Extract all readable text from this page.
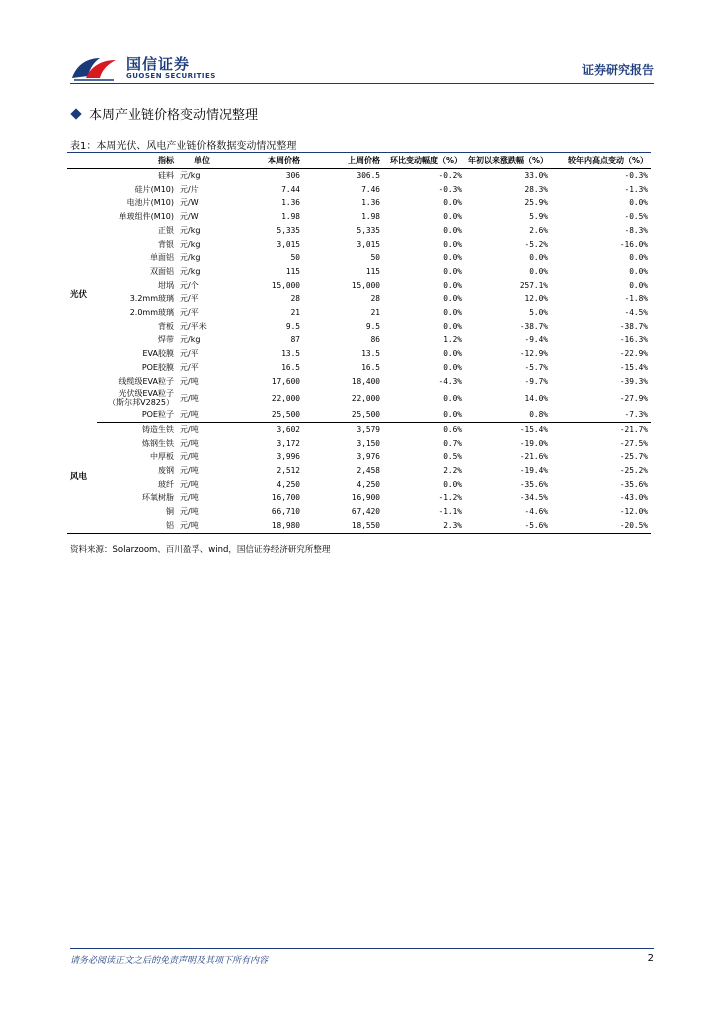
国信证券
GUOSEN SECURITIES	证券研究报告
本周产业链价格变动情况整理
表1：本周光伏、风电产业链价格数据变动情况整理
	指标	单位	本周价格	上周价格	环比变动幅度（%）	年初以来涨跌幅（%）	较年内高点变动（%）
光伏	硅料	元/kg	306	306.5	-0.2%	33.0%	-0.3%
	硅片(M10)	元/片	7.44	7.46	-0.3%	28.3%	-1.3%
	电池片(M10)	元/W	1.36	1.36	0.0%	25.9%	0.0%
	单玻组件(M10)	元/W	1.98	1.98	0.0%	5.9%	-0.5%
	正银	元/kg	5,335	5,335	0.0%	2.6%	-8.3%
	背银	元/kg	3,015	3,015	0.0%	-5.2%	-16.0%
	单面铝	元/kg	50	50	0.0%	0.0%	0.0%
	双面铝	元/kg	115	115	0.0%	0.0%	0.0%
	坩埚	元/个	15,000	15,000	0.0%	257.1%	0.0%
	3.2mm玻璃	元/平	28	28	0.0%	12.0%	-1.8%
	2.0mm玻璃	元/平	21	21	0.0%	5.0%	-4.5%
	背板	元/平米	9.5	9.5	0.0%	-38.7%	-38.7%
	焊带	元/kg	87	86	1.2%	-9.4%	-16.3%
	EVA胶膜	元/平	13.5	13.5	0.0%	-12.9%	-22.9%
	POE胶膜	元/平	16.5	16.5	0.0%	-5.7%	-15.4%
	线缆级EVA粒子	元/吨	17,600	18,400	-4.3%	-9.7%	-39.3%

	光伏级EVA粒子
（斯尔邦V2825）	元/吨	22,000	22,000	0.0%	14.0%	-27.9%
	POE粒子	元/吨	25,500	25,500	0.0%	0.8%	-7.3%
风电	铸造生铁	元/吨	3,602	3,579	0.6%	-15.4%	-21.7%
	炼钢生铁	元/吨	3,172	3,150	0.7%	-19.0%	-27.5%
	中厚板	元/吨	3,996	3,976	0.5%	-21.6%	-25.7%
	废钢	元/吨	2,512	2,458	2.2%	-19.4%	-25.2%
	玻纤	元/吨	4,250	4,250	0.0%	-35.6%	-35.6%
	环氧树脂	元/吨	16,700	16,900	-1.2%	-34.5%	-43.0%
	铜	元/吨	66,710	67,420	-1.1%	-4.6%	-12.0%
	铝	元/吨	18,980	18,550	2.3%	-5.6%	-20.5%
资料来源：Solarzoom、百川盈孚、wind，国信证券经济研究所整理
请务必阅读正文之后的免责声明及其项下所有内容	2
